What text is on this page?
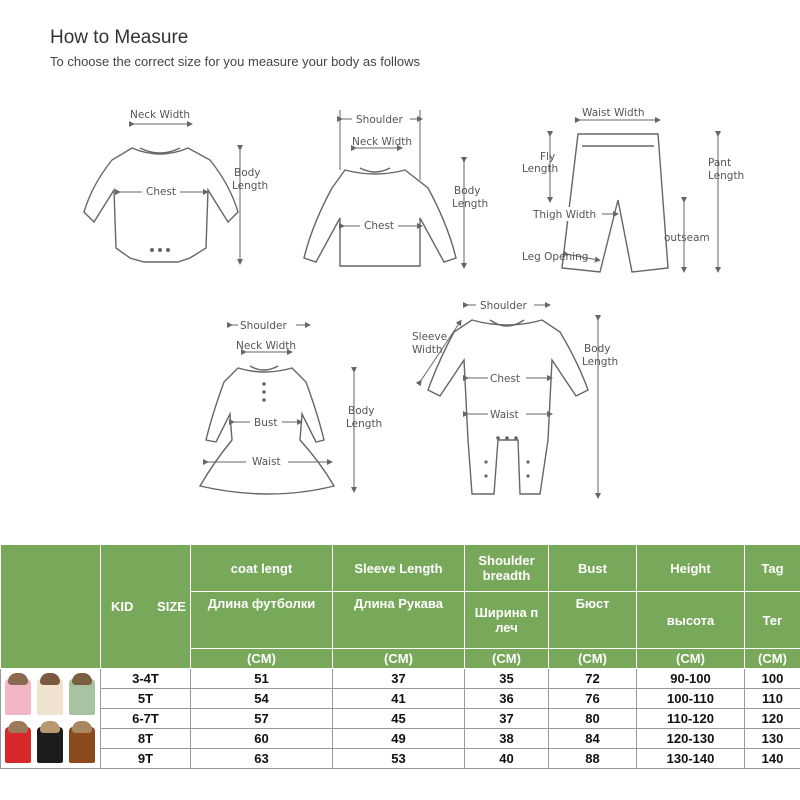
How to Measure
To choose the correct size for you measure your body as follows
Neck Width
Chest
Body
Length
Shoulder
Neck Width
Chest
Body
Length
Waist Width
Fly
Length	Pant
Length
Thigh Width
outseam
Leg Opening
Shoulder
Neck Width
Bust
Waist
Body
Length
Shoulder
Sleeve
Width
Chest
Waist
Body
Length
	KID SIZE	coat lengt	Sleeve Length	Shoulder breadth	Bust	Height	Tag
		Длина футболки	Длина Рукава	Ширина п леч	Бюст	высота	Тег
		(CM)	(CM)	(CM)	(CM)	(CM)	(CM)

	3-4T	51	37	35	72	90-100	100
	5T	54	41	36	76	100-110	110
	6-7T	57	45	37	80	110-120	120
	8T	60	49	38	84	120-130	130
	9T	63	53	40	88	130-140	140
